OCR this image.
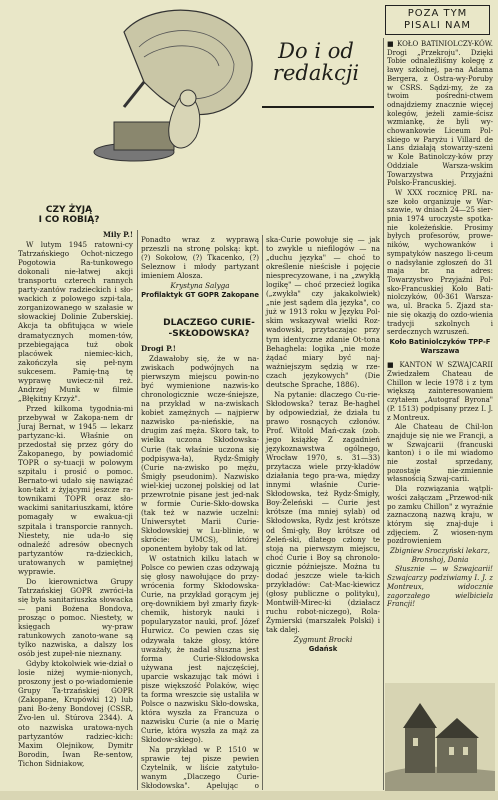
Do i od
redakcji
POZA TYM
PISALI NAM
CZY ŻYJĄ
I CO ROBIĄ?

Mily P.!

W lutym 1945 ratowni-cy Tatrzańskiego Ochot-niczego Pogotowia Ra-tunkowego dokonali nie-łatwej akcji transportu czterech rannych party-zantów radzieckich i sło-wackich z polowego szpi-tala, zorganizowanego w szałasie w słowackiej Dolinie Zuberskiej. Akcja ta obfitująca w wiele dramatycznych momen-tów, przebiegająca tuż obok placówek niemiec-kich, zakończyła się peł-nym sukcesem. Pamię-tną tę wyprawę uwiecz-nił reż. Andrzej Munk w filmie „Błękitny Krzyż".

Przed kilkoma tygodnia-mi przebywał w Zakopa-nem dr Juraj Bernat, w 1945 — lekarz partyzanc-ki. Właśnie on przedostał się przez góry do Zakopanego, by powiadomić TOPR o sy-tuacji w polowym szpitalu i prosić o pomoc. Bernato-wi udało się nawiązać kon-takt z żyjącymi jeszcze ra-townikami TOPR oraz sło-wackimi sanitariuszkami, które pomagały w ewakua-cji szpitala i transporcie rannych. Niestety, nie uda-ło się odnaleźć adresów obecnych partyzantów ra-dzieckich, uratowanych w pamiętnej wyprawie.

Do kierownictwa Grupy Tatrzańskiej GOPR zwróci-ła się była sanitariuszka słowacka — pani Bożena Bondova, prosząc o pomoc. Niestety, w księgach wy-praw ratunkowych zanoto-wane są tylko nazwiska, a dalszy los osób jest zupeł-nie nieznany.

Gdyby ktokolwiek wie-dział o losie niżej wymie-nionych, proszony jest o po-wiadomienie Grupy Ta-trzańskiej GOPR (Zakopane, Krupówki 12) lub pani Bo-żeny Bondovej (CSSR, Zvo-len ul. Stúrova 2344). A oto nazwiska uratowa-nych partyzantów radziec-kich: Maxim Olejnikow, Dymitr Borodin, Iwan Re-sentow, Tichon Sidniakow,

Ponadto wraz z wyprawą przeszli na stronę polską: kpt. (?) Sokołow, (?) Tkacenko, (?) Seleznow i młody partyzant imieniem Alosza.

Krystyna Salyga

Profilaktyk GT GOPR Zakopane

DLACZEGO CURIE-
-SKŁODOWSKA?

Drogi P.!

Zdawałoby się, że w na-zwiskach podwójnych na pierwszym miejscu powin-no być wymienione nazwis-ko chronologicznie wcze-śniejsze, na przykład w na-zwiskach kobiet zamężnych — najpierw nazwisko pa-nieńskie, na drugim zaś męża. Skoro tak, to wielka uczona Skłodowska-Curie (tak właśnie uczona się podpisywa-ła), Rydz-Śmigły (Curie na-zwisko po mężu, Śmigły pseudonim). Nazwisko wiel-kiej uczonej polskiej od lat przewrotnie pisane jest jed-nak w formie Curie-Skło-dowska (tak też w nazwie uczelni: Uniwersytet Marii Curie-Skłodowskiej w Lu-blinie, w skrócie: UMCS), której oponentem byłoby tak od lat.

W ostatnich kilku latach w Polsce co pewien czas odzywają się głosy nawołujące do przy-wrócenia formy Skłodowska-Curie, na przykład gorącym jej orę-downikiem był zmarły fizyk-chemik, historyk nauki i popularyzator nauki, prof. Józef Hurwicz. Co pewien czas się odzywała także głosy, które uważały, że nadal słuszna jest forma Curie-Skłodowska używana jest najczęściej, uparcie wskazując tak mówi i pisze większość Polaków, więc ta forma wreszcie się ustaliła w Polsce o nazwisku Skło-dowska, która wyszła za Francuza o nazwisku Curie (a nie o Marię Curie, która wyszła za mąż za Skłodow-skiego).

Na przykład w P. 1510 w sprawie tej pisze pewien Czytelnik, w liście zatytuło-wanym „Dlaczego Curie-Skłodowska". Apelując o

ska-Curie powołuje się — jak to zwykle u niefilogów — na „duchu języka" — choć to określenie nieścisłe i pojęcie niesprecyzowane, i na „zwykłą logikę" — choć przecież logika („zwykła" czy jakakolwiek) „nie jest sądem dla języka", co już w 1913 roku w Języku Pol-skim wskazywał wielki Roz-wadowski, przytaczając przy tym identyczne zdanie Ot-tona Behaghela: logika „nie może żądać miary być naj-ważniejszym sędzią w rze-czach językowych" (Die deutsche Sprache, 1886).

Na pytanie: dlaczego Cu-rie-Skłodowska? teraz Be-haghel by odpowiedział, że działa tu prawo rosnących członów. Prof. Witold Mań-czak (zob. jego książkę Z zagadnień językoznawstwa ogólnego, Wrocław 1970, s. 31—33) przytacza wiele przy-kładów działania tego pra-wa, między innymi właśnie Curie-Skłodowska, też Rydz-Śmigły, Boy-Żeleński — Curie jest krótsze (ma mniej sylab) od Skłodowska, Rydz jest krótsze od Śmi-gły, Boy krótsze od Żeleń-ski, dlatego człony te stoją na pierwszym miejscu, choć Curie i Boy są chronolo-gicznie późniejsze. Można tu dodać jeszcze wiele ta-kich przykładów: Cat-Mac-kiewicz (głosy publiczne o polityku), Montwiłł-Mirec-ki (działacz ruchu robot-niczego), Rola-Żymierski (marszałek Polski) i tak dalej.

Zygmunt Brocki

Gdańsk

■ KOŁO BATINIOLCZY-KÓW. Drogi „Przekroju". Dzięki Tobie odnaleźliśmy kolegę z ławy szkolnej, pa-na Adama Bergera, z Ostra-wy-Poruby w CSRS. Sądzi-my, że za twoim pośredni-ctwem odnajdziemy znacznie więcej kolegów, jeżeli zamie-ścisz wzmiankę, że byli wy-chowankowie Liceum Pol-skiego w Paryżu i Villard de Lans działają stowarzy-szeni w Kole Batinolczy-ków przy Oddziale Warsza-wskim Towarzystwa Przyjaźni Polsko-Francuskiej.

W XXX rocznicę PRL na-sze koło organizuje w War-szawie, w dniach 24—25 sier-pnia 1974 uroczyste spotka-nie koleżeńskie. Prosimy byłych profesorów, prowe-ników, wychowanków i sympatyków naszego li-ceum o nadsyłanie zgłoszeń do 31 maja br. na adres: Towarzystwo Przyjaźni Pol-sko-Francuskiej Koło Bati-niolczyków, 00-361 Warsza-wa, ul. Bracka 5. Zjazd sta-nie się okazją do ozdo-wienia tradycji szkolnych i serdecznych wzruszeń.

Koło Batiniolczyków TPP-F Warszawa

■ KANTON W SZWAJCARII Zwiedzałem Chateau de Chillon w lecie 1978 i z tym większą zainteresowaniem czytałem „Autograf Byrona" (P. 1513) podpisany przez I. J. z Montreux.

Ale Chateau de Chil-lon znajduje się nie we Francji, a w Szwajcarii (francuski kanton) i o ile mi wiadomo nie został sprzedany, pozostaje nie-zmiennie własnością Szwaj-carii.

Dla rozwiązania wątpli-wości załączam „Przewod-nik po zamku Chillon" z wyraźnie zaznaczoną nazwą kraju, w którym się znaj-duje i zdjęciem. Z wiosen-nym pozdrowieniem

Zbigniew Sroczyński lekarz, Bronshoj, Dania

Słusznie — w Szwajcarii! Szwajcarzy podziwiamy I. J. z Montreux, widocznie zagorzałego wielbiciela Francji!
